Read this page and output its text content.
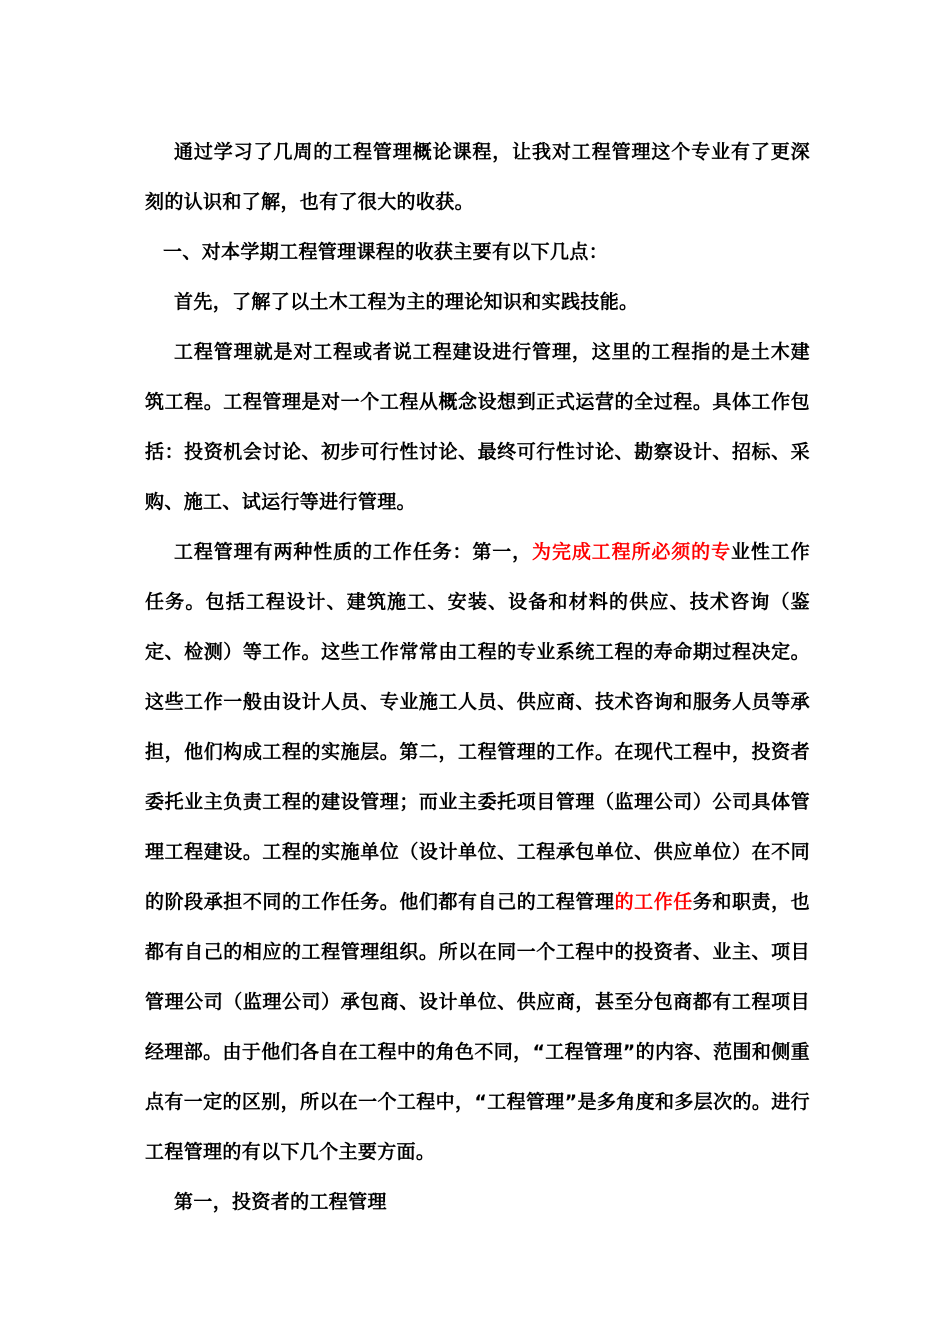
通过学习了几周的工程管理概论课程，让我对工程管理这个专业有了更深刻的认识和了解，也有了很大的收获。

一、对本学期工程管理课程的收获主要有以下几点：

首先，了解了以土木工程为主的理论知识和实践技能。

工程管理就是对工程或者说工程建设进行管理，这里的工程指的是土木建筑工程。工程管理是对一个工程从概念设想到正式运营的全过程。具体工作包括：投资机会讨论、初步可行性讨论、最终可行性讨论、勘察设计、招标、采购、施工、试运行等进行管理。

工程管理有两种性质的工作任务：第一，为完成工程所必须的专业性工作任务。包括工程设计、建筑施工、安装、设备和材料的供应、技术咨询（鉴定、检测）等工作。这些工作常常由工程的专业系统工程的寿命期过程决定。这些工作一般由设计人员、专业施工人员、供应商、技术咨询和服务人员等承担，他们构成工程的实施层。第二，工程管理的工作。在现代工程中，投资者委托业主负责工程的建设管理；而业主委托项目管理（监理公司）公司具体管理工程建设。工程的实施单位（设计单位、工程承包单位、供应单位）在不同的阶段承担不同的工作任务。他们都有自己的工程管理的工作任务和职责，也都有自己的相应的工程管理组织。所以在同一个工程中的投资者、业主、项目管理公司（监理公司）承包商、设计单位、供应商，甚至分包商都有工程项目经理部。由于他们各自在工程中的角色不同，“工程管理”的内容、范围和侧重点有一定的区别，所以在一个工程中，“工程管理”是多角度和多层次的。进行工程管理的有以下几个主要方面。

第一，投资者的工程管理
